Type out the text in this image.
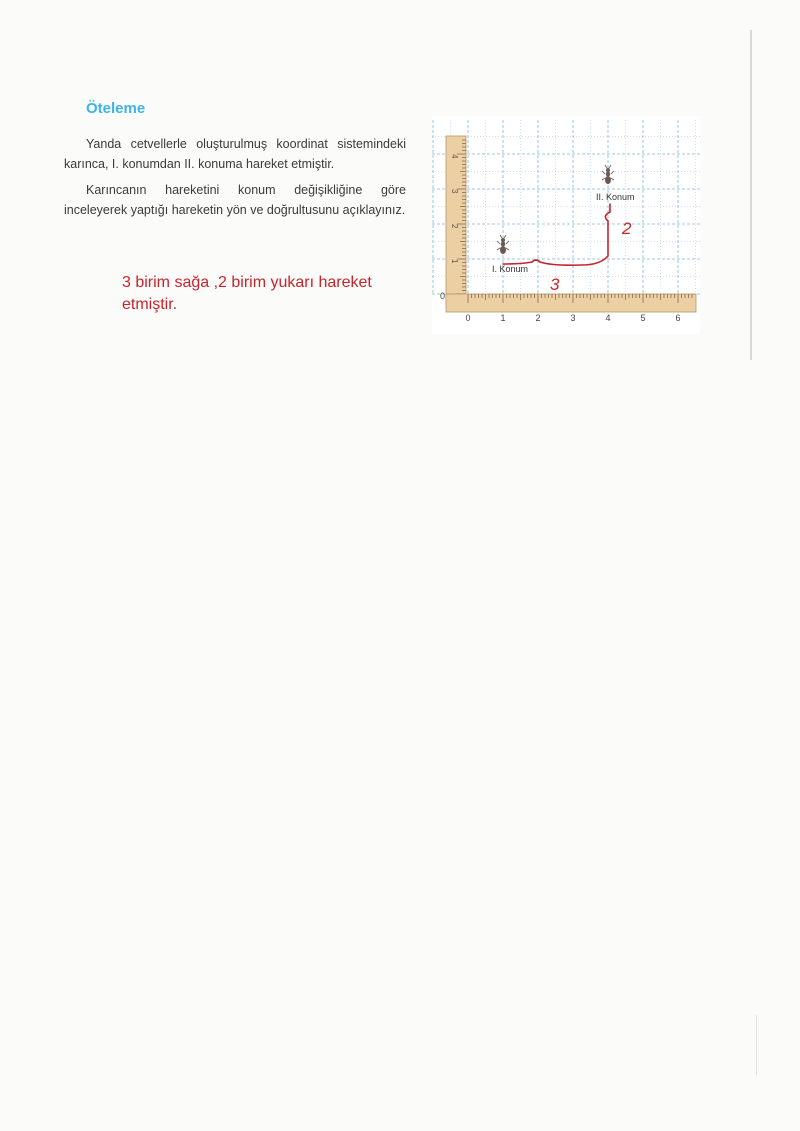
Öteleme

Yanda cetvellerle oluşturulmuş koordinat sistemindeki karınca, I. konumdan II. konuma hareket etmiştir.

Karıncanın hareketini konum değişikliğine göre inceleyerek yaptığı hareketin yön ve doğrultusunu açıklayınız.

3 birim sağa ,2 birim yukarı hareket etmiştir.	0
1
2
3
4
0	1	2	3	4	5	6
I. Konum
II. Konum
3
2
